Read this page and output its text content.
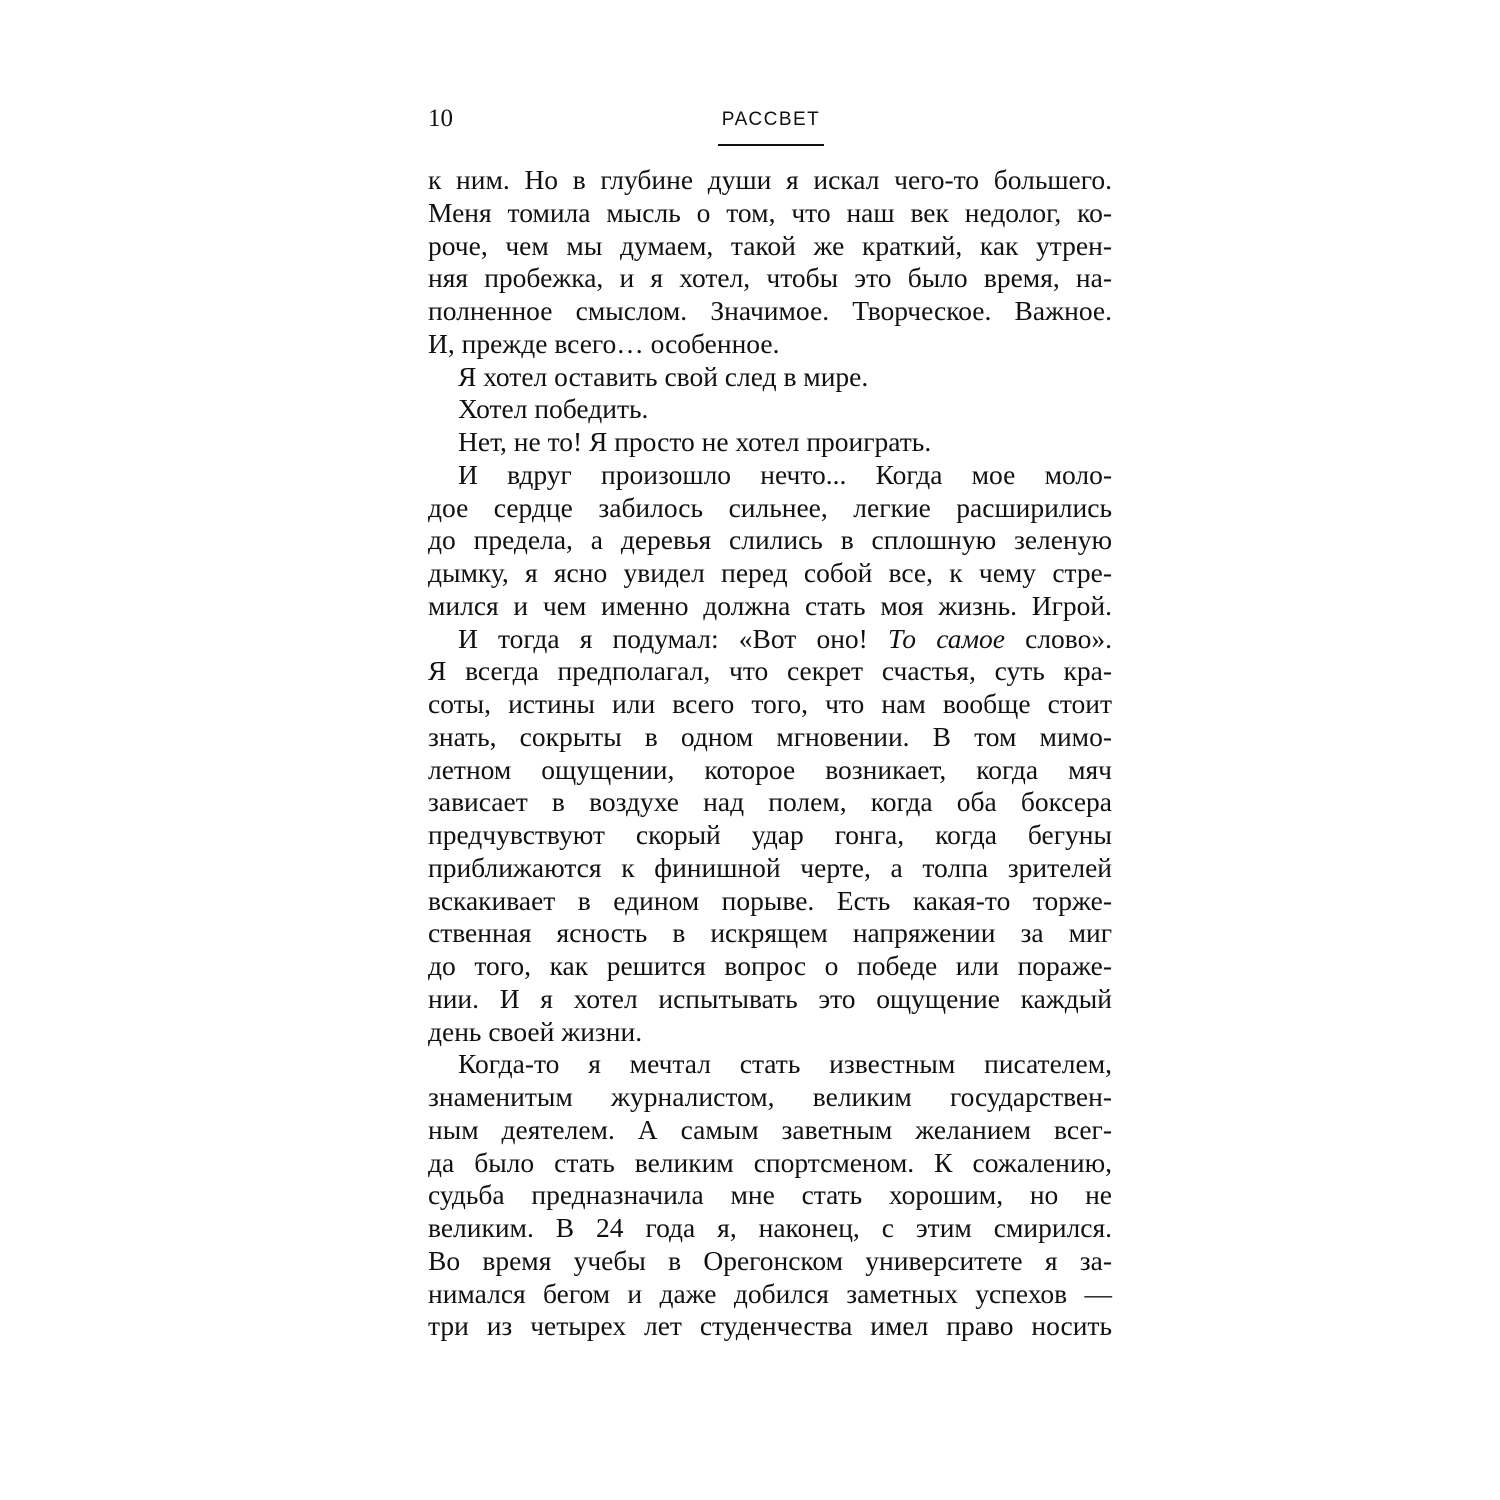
10	РАССВЕТ
к ним. Но в глубине души я искал чего-то большего.
Меня томила мысль о том, что наш век недолог, ко-
роче, чем мы думаем, такой же краткий, как утрен-
няя пробежка, и я хотел, чтобы это было время, на-
полненное смыслом. Значимое. Творческое. Важное.
И, прежде всего… особенное.
Я хотел оставить свой след в мире.
Хотел победить.
Нет, не то! Я просто не хотел проиграть.
И вдруг произошло нечто... Когда мое моло-
дое сердце забилось сильнее, легкие расширились
до предела, а деревья слились в сплошную зеленую
дымку, я ясно увидел перед собой все, к чему стре-
мился и чем именно должна стать моя жизнь. Игрой.
И тогда я подумал: «Вот оно! То самое слово».
Я всегда предполагал, что секрет счастья, суть кра-
соты, истины или всего того, что нам вообще стоит
знать, сокрыты в одном мгновении. В том мимо-
летном ощущении, которое возникает, когда мяч
зависает в воздухе над полем, когда оба боксера
предчувствуют скорый удар гонга, когда бегуны
приближаются к финишной черте, а толпа зрителей
вскакивает в едином порыве. Есть какая-то торже-
ственная ясность в искрящем напряжении за миг
до того, как решится вопрос о победе или пораже-
нии. И я хотел испытывать это ощущение каждый
день своей жизни.
Когда-то я мечтал стать известным писателем,
знаменитым журналистом, великим государствен-
ным деятелем. А самым заветным желанием всег-
да было стать великим спортсменом. К сожалению,
судьба предназначила мне стать хорошим, но не
великим. В 24 года я, наконец, с этим смирился.
Во время учебы в Орегонском университете я за-
нимался бегом и даже добился заметных успехов —
три из четырех лет студенчества имел право носить
